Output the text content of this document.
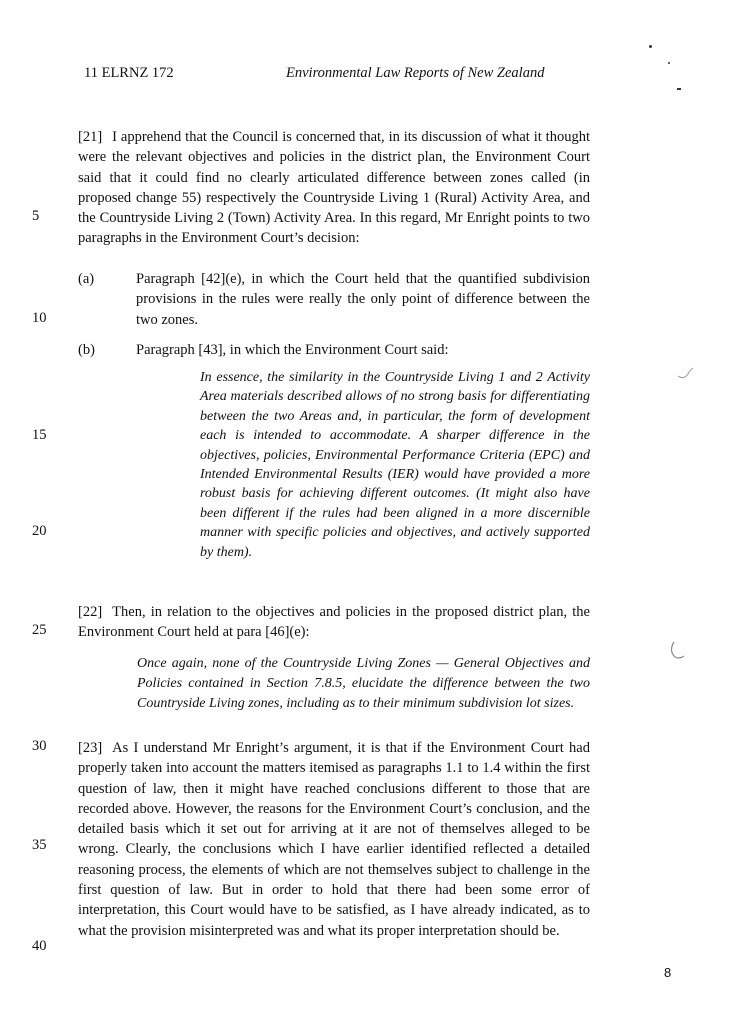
11 ELRNZ 172	Environmental Law Reports of New Zealand

[21] I apprehend that the Council is concerned that, in its discussion of what it thought were the relevant objectives and policies in the district plan, the Environment Court said that it could find no clearly articulated difference between zones called (in proposed change 55) respectively the Countryside Living 1 (Rural) Activity Area, and the Countryside Living 2 (Town) Activity Area. In this regard, Mr Enright points to two paragraphs in the Environment Court’s decision:

(a)	Paragraph [42](e), in which the Court held that the quantified subdivision provisions in the rules were really the only point of difference between the two zones.
(b)	Paragraph [43], in which the Environment Court said:

In essence, the similarity in the Countryside Living 1 and 2 Activity Area materials described allows of no strong basis for differentiating between the two Areas and, in particular, the form of development each is intended to accommodate. A sharper difference in the objectives, policies, Environmental Performance Criteria (EPC) and Intended Environmental Results (IER) would have provided a more robust basis for achieving different outcomes. (It might also have been different if the rules had been aligned in a more discernible manner with specific policies and objectives, and actively supported by them).

[22] Then, in relation to the objectives and policies in the proposed district plan, the Environment Court held at para [46](e):

Once again, none of the Countryside Living Zones — General Objectives and Policies contained in Section 7.8.5, elucidate the difference between the two Countryside Living zones, including as to their minimum subdivision lot sizes.

[23] As I understand Mr Enright’s argument, it is that if the Environment Court had properly taken into account the matters itemised as paragraphs 1.1 to 1.4 within the first question of law, then it might have reached conclusions different to those that are recorded above. However, the reasons for the Environment Court’s conclusion, and the detailed basis which it set out for arriving at it are not of themselves alleged to be wrong. Clearly, the conclusions which I have earlier identified reflected a detailed reasoning process, the elements of which are not themselves subject to challenge in the first question of law. But in order to hold that there had been some error of interpretation, this Court would have to be satisfied, as I have already indicated, as to what the provision misinterpreted was and what its proper interpretation should be.

5
10
15
20
25
30
35
40
8
